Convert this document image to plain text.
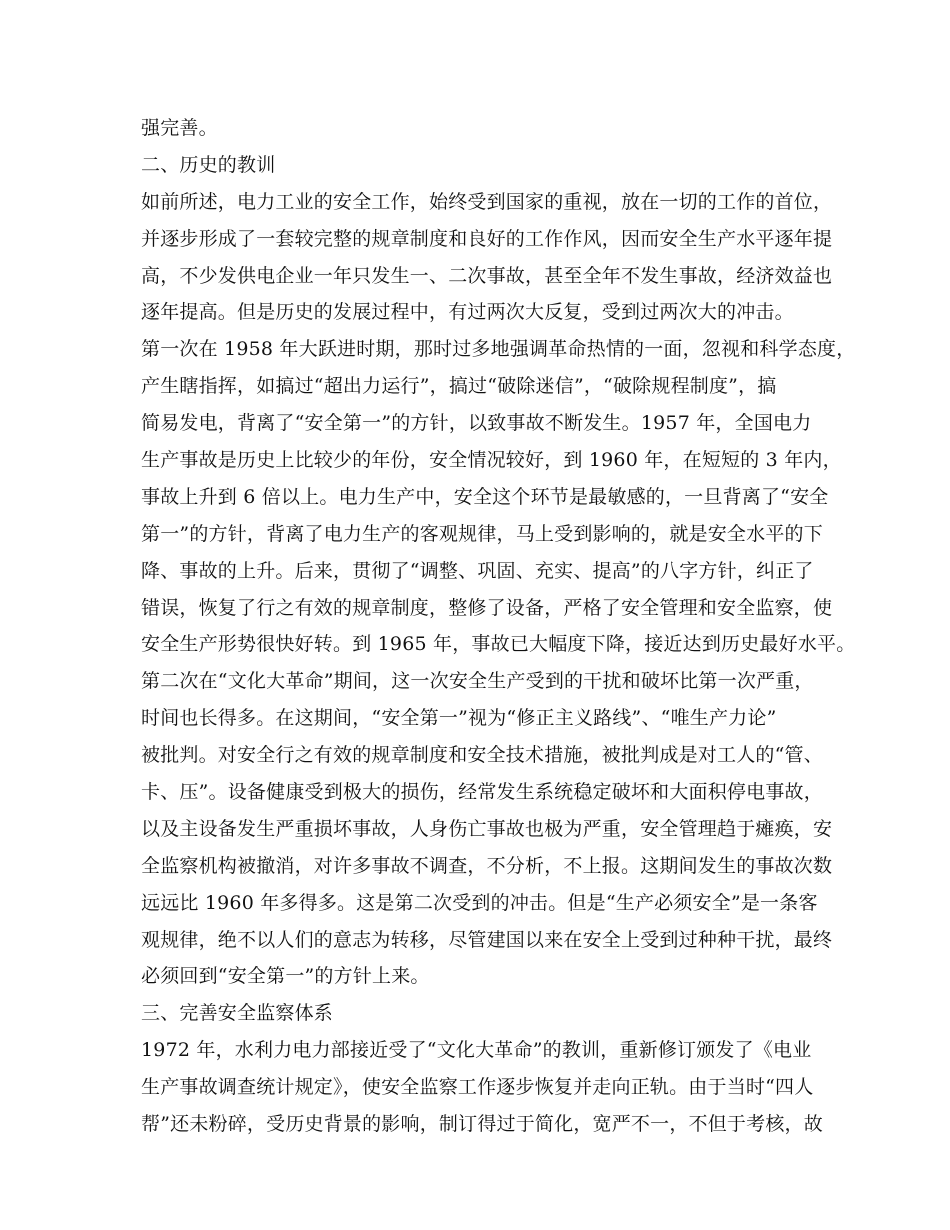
强完善。
二、历史的教训
如前所述，电力工业的安全工作，始终受到国家的重视，放在一切的工作的首位，
并逐步形成了一套较完整的规章制度和良好的工作作风，因而安全生产水平逐年提
高，不少发供电企业一年只发生一、二次事故，甚至全年不发生事故，经济效益也
逐年提高。但是历史的发展过程中，有过两次大反复，受到过两次大的冲击。
第一次在 1958 年大跃进时期，那时过多地强调革命热情的一面，忽视和科学态度，
产生瞎指挥，如搞过“超出力运行”，搞过“破除迷信”，“破除规程制度”，搞
简易发电，背离了“安全第一”的方针，以致事故不断发生。1957 年，全国电力
生产事故是历史上比较少的年份，安全情况较好，到 1960 年，在短短的 3 年内，
事故上升到 6 倍以上。电力生产中，安全这个环节是最敏感的，一旦背离了“安全
第一”的方针，背离了电力生产的客观规律，马上受到影响的，就是安全水平的下
降、事故的上升。后来，贯彻了“调整、巩固、充实、提高”的八字方针，纠正了
错误，恢复了行之有效的规章制度，整修了设备，严格了安全管理和安全监察，使
安全生产形势很快好转。到 1965 年，事故已大幅度下降，接近达到历史最好水平。
第二次在“文化大革命”期间，这一次安全生产受到的干扰和破坏比第一次严重，
时间也长得多。在这期间，“安全第一”视为“修正主义路线”、“唯生产力论”
被批判。对安全行之有效的规章制度和安全技术措施，被批判成是对工人的“管、
卡、压”。设备健康受到极大的损伤，经常发生系统稳定破坏和大面积停电事故，
以及主设备发生严重损坏事故，人身伤亡事故也极为严重，安全管理趋于瘫痪，安
全监察机构被撤消，对许多事故不调查，不分析，不上报。这期间发生的事故次数
远远比 1960 年多得多。这是第二次受到的冲击。但是“生产必须安全”是一条客
观规律，绝不以人们的意志为转移，尽管建国以来在安全上受到过种种干扰，最终
必须回到“安全第一”的方针上来。
三、完善安全监察体系
1972 年，水利力电力部接近受了“文化大革命”的教训，重新修订颁发了《电业
生产事故调查统计规定》，使安全监察工作逐步恢复并走向正轨。由于当时“四人
帮”还未粉碎，受历史背景的影响，制订得过于简化，宽严不一，不但于考核，故
